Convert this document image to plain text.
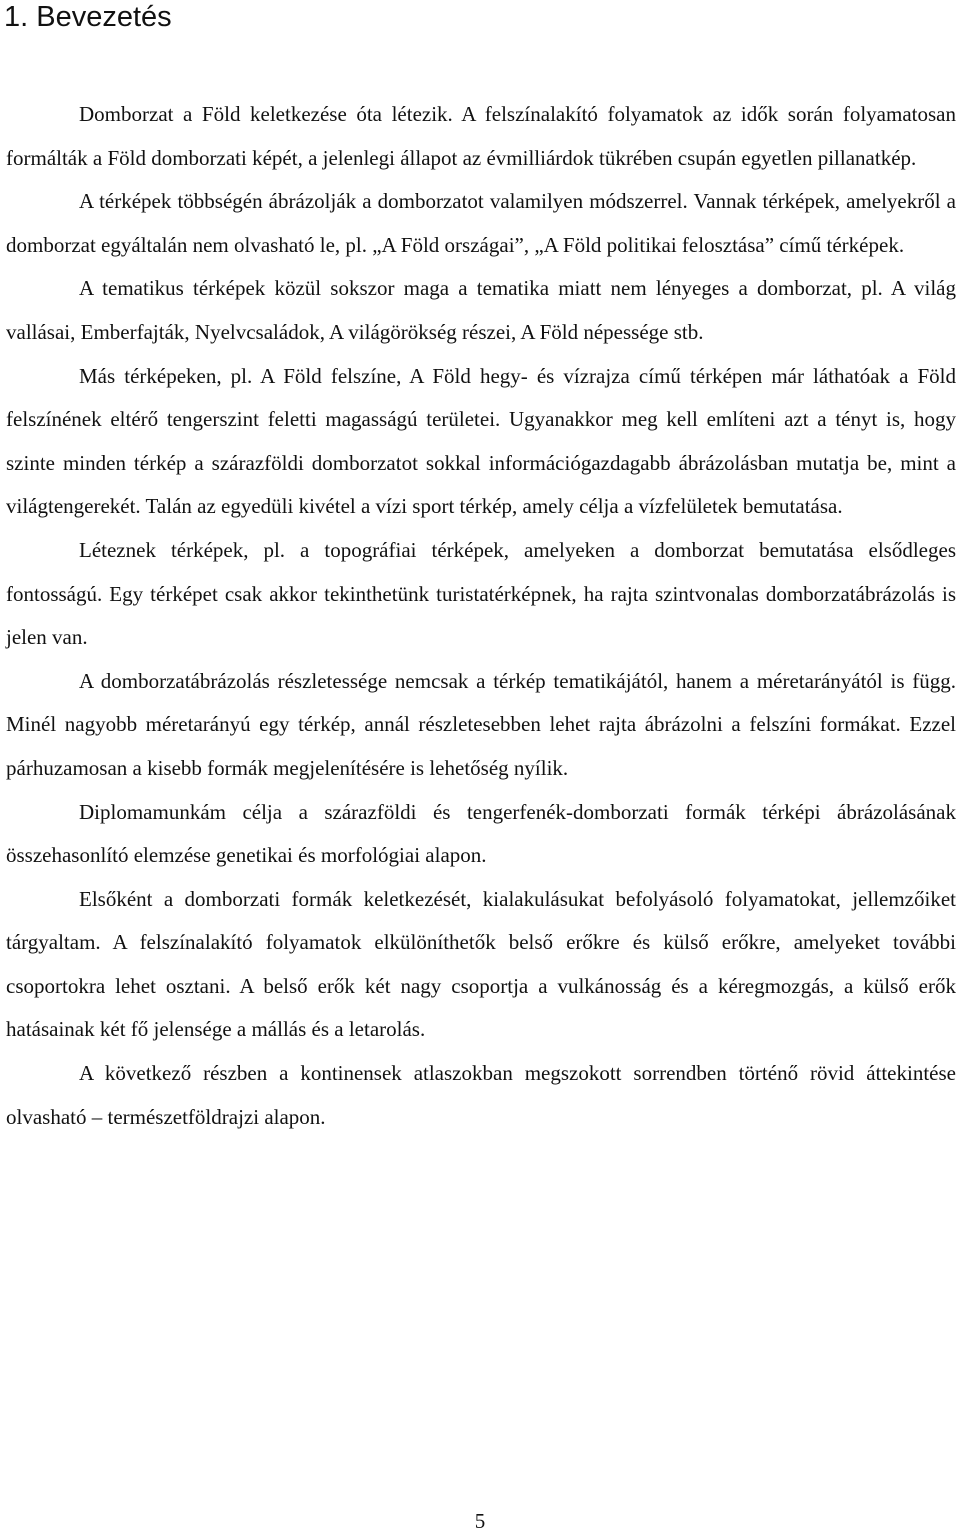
1. Bevezetés

Domborzat a Föld keletkezése óta létezik. A felszínalakító folyamatok az idők során folyamatosan formálták a Föld domborzati képét, a jelenlegi állapot az évmilliárdok tükrében csupán egyetlen pillanatkép.

A térképek többségén ábrázolják a domborzatot valamilyen módszerrel. Vannak térképek, amelyekről a domborzat egyáltalán nem olvasható le, pl. „A Föld országai”, „A Föld politikai felosztása” című térképek.

A tematikus térképek közül sokszor maga a tematika miatt nem lényeges a domborzat, pl. A világ vallásai, Emberfajták, Nyelvcsaládok, A világörökség részei, A Föld népessége stb.

Más térképeken, pl. A Föld felszíne, A Föld hegy- és vízrajza című térképen már láthatóak a Föld felszínének eltérő tengerszint feletti magasságú területei. Ugyanakkor meg kell említeni azt a tényt is, hogy szinte minden térkép a szárazföldi domborzatot sokkal információgazdagabb ábrázolásban mutatja be, mint a világtengerekét. Talán az egyedüli kivétel a vízi sport térkép, amely célja a vízfelületek bemutatása.

Léteznek térképek, pl. a topográfiai térképek, amelyeken a domborzat bemutatása elsődleges fontosságú. Egy térképet csak akkor tekinthetünk turistatérképnek, ha rajta szintvonalas domborzatábrázolás is jelen van.

A domborzatábrázolás részletessége nemcsak a térkép tematikájától, hanem a méretarányától is függ. Minél nagyobb méretarányú egy térkép, annál részletesebben lehet rajta ábrázolni a felszíni formákat. Ezzel párhuzamosan a kisebb formák megjelenítésére is lehetőség nyílik.

Diplomamunkám célja a szárazföldi és tengerfenék-domborzati formák térképi ábrázolásának összehasonlító elemzése genetikai és morfológiai alapon.

Elsőként a domborzati formák keletkezését, kialakulásukat befolyásoló folyamatokat, jellemzőiket tárgyaltam. A felszínalakító folyamatok elkülöníthetők belső erőkre és külső erőkre, amelyeket további csoportokra lehet osztani. A belső erők két nagy csoportja a vulkánosság és a kéregmozgás, a külső erők hatásainak két fő jelensége a mállás és a letarolás.

A következő részben a kontinensek atlaszokban megszokott sorrendben történő rövid áttekintése olvasható – természetföldrajzi alapon.

5
